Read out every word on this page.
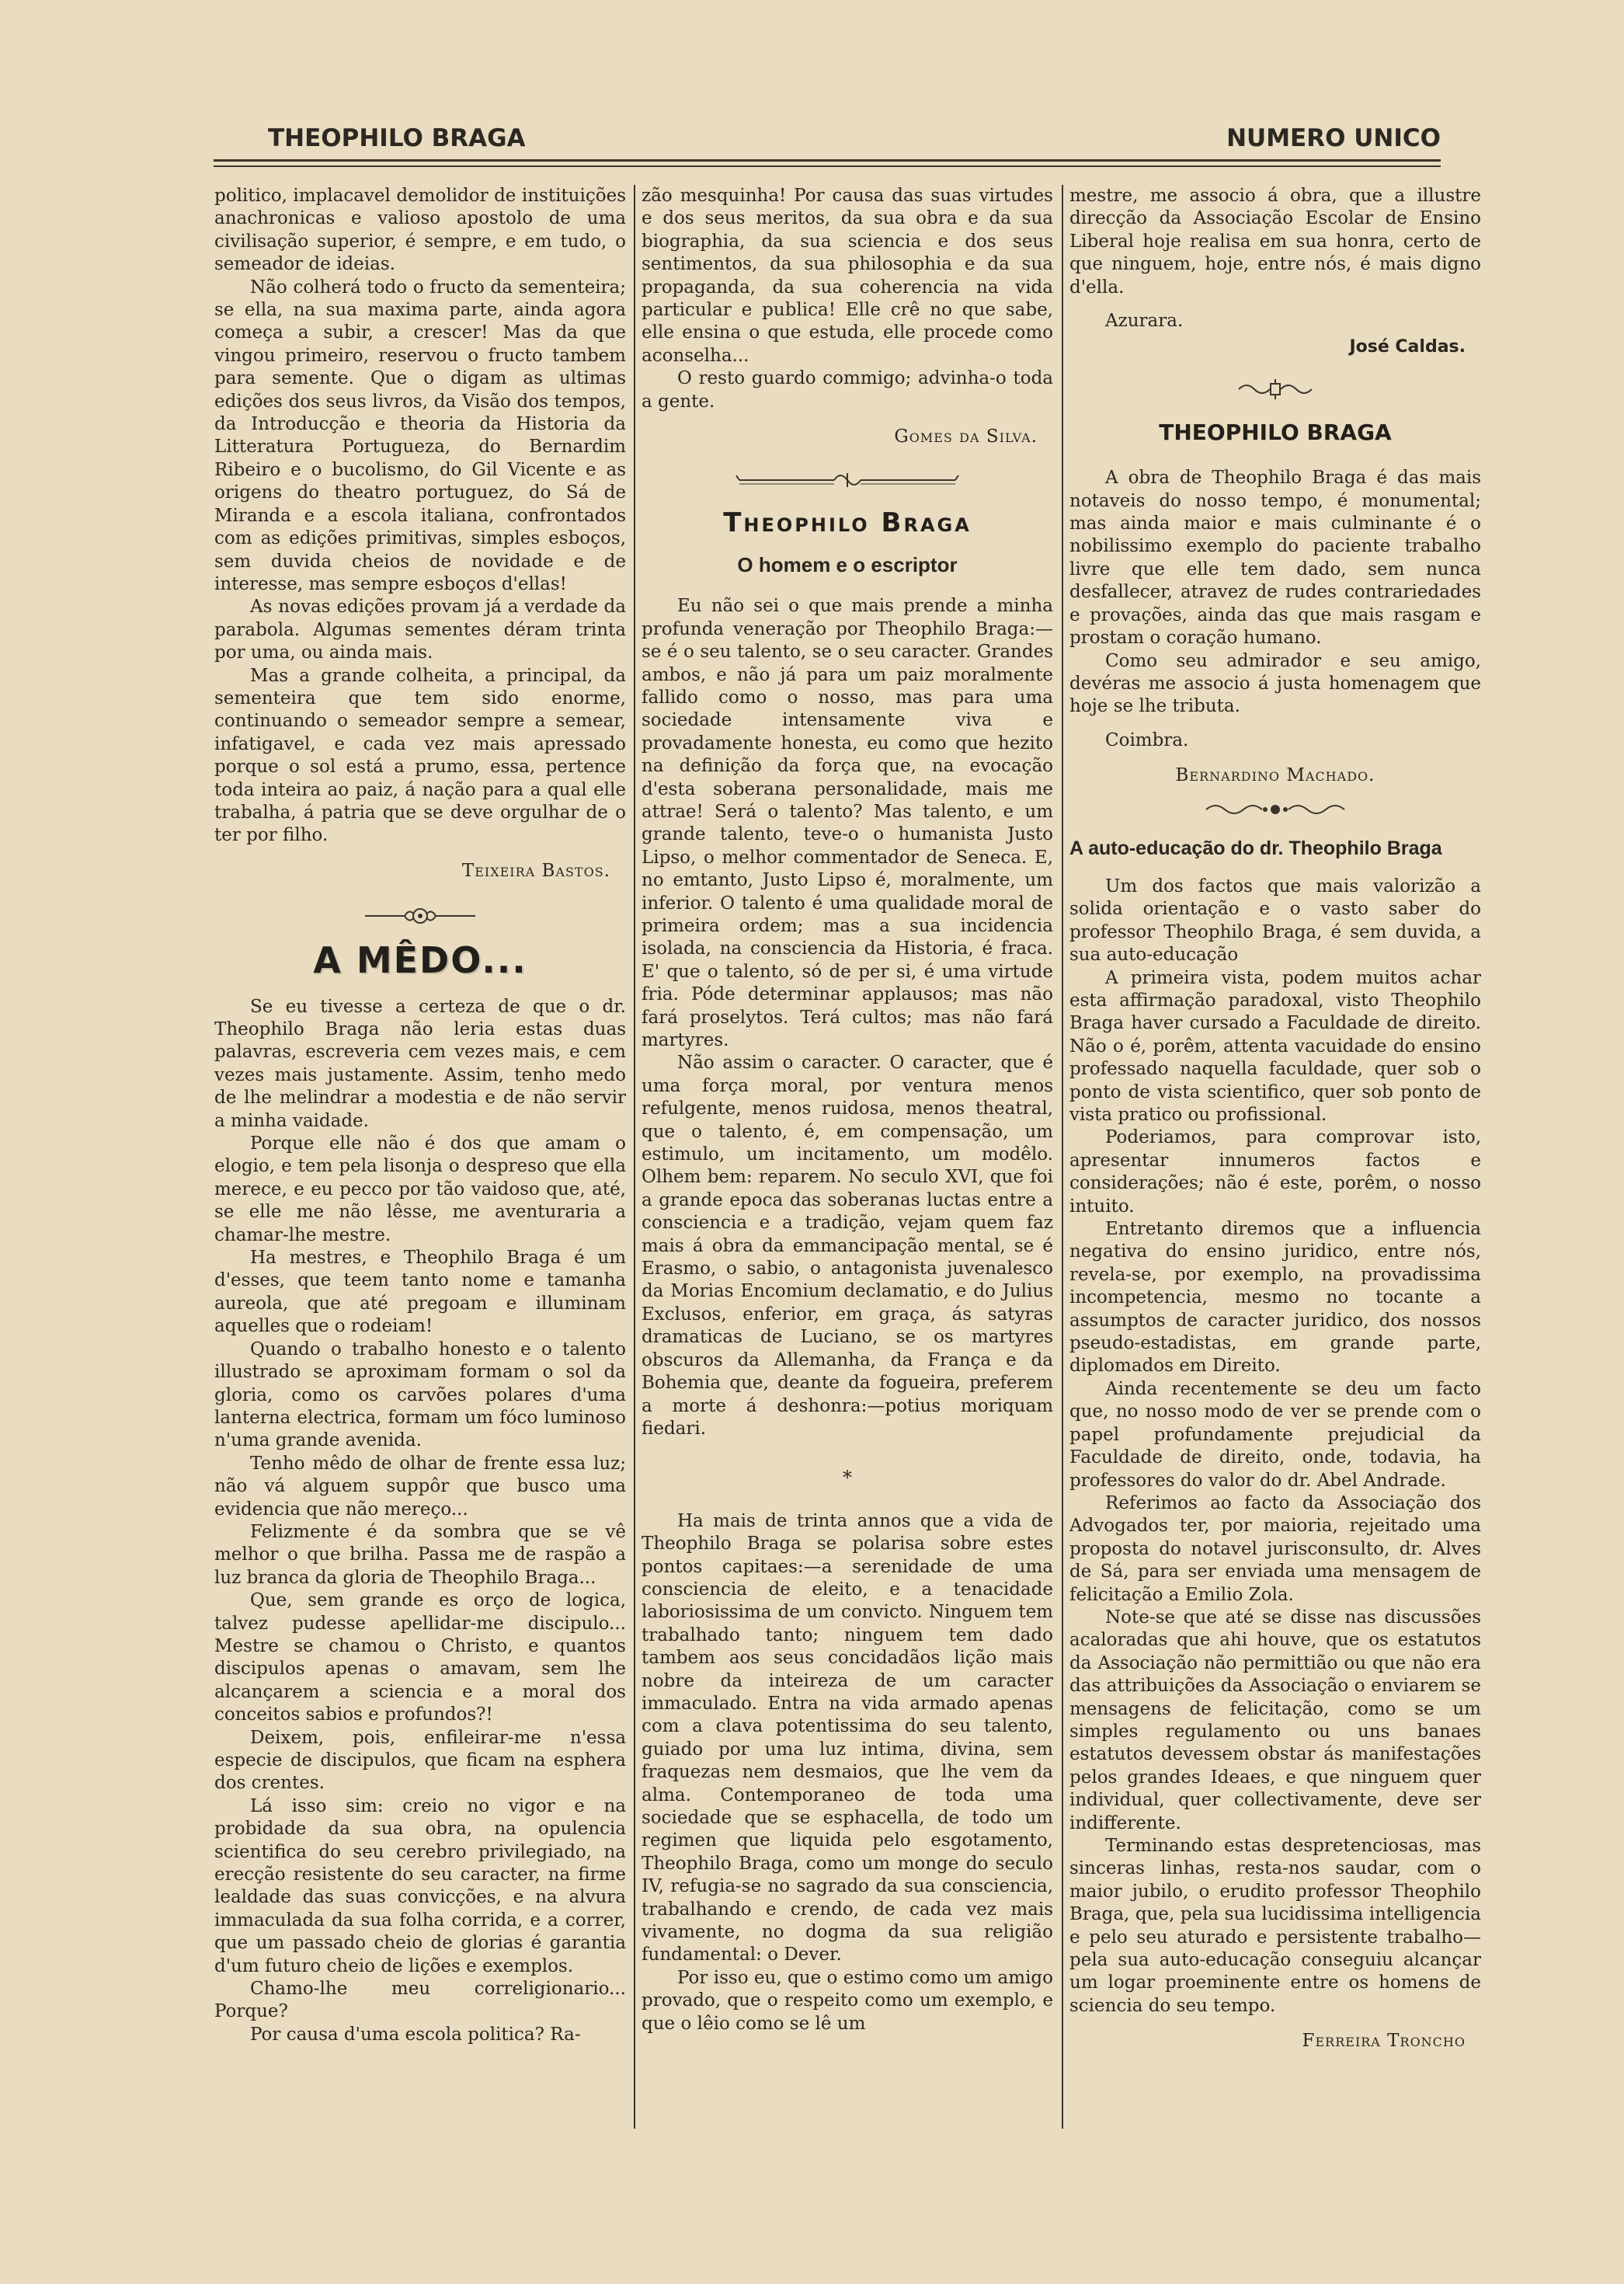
THEOPHILO BRAGA	NUMERO UNICO

politico, implacavel demolidor de instituições anachronicas e valioso apostolo de uma civilisação superior, é sempre, e em tudo, o semeador de ideias.

Não colherá todo o fructo da sementeira; se ella, na sua maxima parte, ainda agora começa a subir, a crescer! Mas da que vingou primeiro, reservou o fructo tambem para semente. Que o digam as ultimas edições dos seus livros, da Visão dos tempos, da Introducção e theoria da Historia da Litteratura Portugueza, do Bernardim Ribeiro e o bucolismo, do Gil Vicente e as origens do theatro portuguez, do Sá de Miranda e a escola italiana, confrontados com as edições primitivas, simples esboços, sem duvida cheios de novidade e de interesse, mas sempre esboços d'ellas!

As novas edições provam já a verdade da parabola. Algumas sementes déram trinta por uma, ou ainda mais.

Mas a grande colheita, a principal, da sementeira que tem sido enorme, continuando o semeador sempre a semear, infatigavel, e cada vez mais apressado porque o sol está a prumo, essa, pertence toda inteira ao paiz, á nação para a qual elle trabalha, á patria que se deve orgulhar de o ter por filho.

Teixeira Bastos.
A MÊDO...

Se eu tivesse a certeza de que o dr. Theophilo Braga não leria estas duas palavras, escreveria cem vezes mais, e cem vezes mais justamente. Assim, tenho medo de lhe melindrar a modestia e de não servir a minha vaidade.

Porque elle não é dos que amam o elogio, e tem pela lisonja o despreso que ella merece, e eu pecco por tão vaidoso que, até, se elle me não lêsse, me aventuraria a chamar-lhe mestre.

Ha mestres, e Theophilo Braga é um d'esses, que teem tanto nome e tamanha aureola, que até pregoam e illuminam aquelles que o rodeiam!

Quando o trabalho honesto e o talento illustrado se aproximam formam o sol da gloria, como os carvões polares d'uma lanterna electrica, formam um fóco luminoso n'uma grande avenida.

Tenho mêdo de olhar de frente essa luz; não vá alguem suppôr que busco uma evidencia que não mereço...

Felizmente é da sombra que se vê melhor o que brilha. Passa me de raspão a luz branca da gloria de Theophilo Braga...

Que, sem grande es orço de logica, talvez pudesse apellidar-me discipulo... Mestre se chamou o Christo, e quantos discipulos apenas o amavam, sem lhe alcançarem a sciencia e a moral dos conceitos sabios e profundos?!

Deixem, pois, enfileirar-me n'essa especie de discipulos, que ficam na esphera dos crentes.

Lá isso sim: creio no vigor e na probidade da sua obra, na opulencia scientifica do seu cerebro privilegiado, na erecção resistente do seu caracter, na firme lealdade das suas convicções, e na alvura immaculada da sua folha corrida, e a correr, que um passado cheio de glorias é garantia d'um futuro cheio de lições e exemplos.

Chamo-lhe meu correligionario... Porque?

Por causa d'uma escola politica? Ra-

zão mesquinha! Por causa das suas virtudes e dos seus meritos, da sua obra e da sua biographia, da sua sciencia e dos seus sentimentos, da sua philosophia e da sua propaganda, da sua coherencia na vida particular e publica! Elle crê no que sabe, elle ensina o que estuda, elle procede como aconselha...

O resto guardo commigo; advinha-o toda a gente.

Gomes da Silva.
Theophilo Braga
O homem e o escriptor

Eu não sei o que mais prende a minha profunda veneração por Theophilo Braga:—se é o seu talento, se o seu caracter. Grandes ambos, e não já para um paiz moralmente fallido como o nosso, mas para uma sociedade intensamente viva e provadamente honesta, eu como que hezito na definição da força que, na evocação d'esta soberana personalidade, mais me attrae! Será o talento? Mas talento, e um grande talento, teve-o o humanista Justo Lipso, o melhor commentador de Seneca. E, no emtanto, Justo Lipso é, moralmente, um inferior. O talento é uma qualidade moral de primeira ordem; mas a sua incidencia isolada, na consciencia da Historia, é fraca. E' que o talento, só de per si, é uma virtude fria. Póde determinar applausos; mas não fará proselytos. Terá cultos; mas não fará martyres.

Não assim o caracter. O caracter, que é uma força moral, por ventura menos refulgente, menos ruidosa, menos theatral, que o talento, é, em compensação, um estimulo, um incitamento, um modêlo. Olhem bem: reparem. No seculo XVI, que foi a grande epoca das soberanas luctas entre a consciencia e a tradição, vejam quem faz mais á obra da emmancipação mental, se é Erasmo, o sabio, o antagonista juvenalesco da Morias Encomium declamatio, e do Julius Exclusos, enferior, em graça, ás satyras dramaticas de Luciano, se os martyres obscuros da Allemanha, da França e da Bohemia que, deante da fogueira, preferem a morte á deshonra:—potius moriquam fiedari.

*

Ha mais de trinta annos que a vida de Theophilo Braga se polarisa sobre estes pontos capitaes:—a serenidade de uma consciencia de eleito, e a tenacidade laboriosissima de um convicto. Ninguem tem trabalhado tanto; ninguem tem dado tambem aos seus concidadãos lição mais nobre da inteireza de um caracter immaculado. Entra na vida armado apenas com a clava potentissima do seu talento, guiado por uma luz intima, divina, sem fraquezas nem desmaios, que lhe vem da alma. Contemporaneo de toda uma sociedade que se esphacella, de todo um regimen que liquida pelo esgotamento, Theophilo Braga, como um monge do seculo IV, refugia-se no sagrado da sua consciencia, trabalhando e crendo, de cada vez mais vivamente, no dogma da sua religião fundamental: o Dever.

Por isso eu, que o estimo como um amigo provado, que o respeito como um exemplo, e que o lêio como se lê um

mestre, me associo á obra, que a illustre direcção da Associação Escolar de Ensino Liberal hoje realisa em sua honra, certo de que ninguem, hoje, entre nós, é mais digno d'ella.

Azurara.
José Caldas.
THEOPHILO BRAGA

A obra de Theophilo Braga é das mais notaveis do nosso tempo, é monumental; mas ainda maior e mais culminante é o nobilissimo exemplo do paciente trabalho livre que elle tem dado, sem nunca desfallecer, atravez de rudes contrariedades e provações, ainda das que mais rasgam e prostam o coração humano.

Como seu admirador e seu amigo, devéras me associo á justa homenagem que hoje se lhe tributa.

Coimbra.
Bernardino Machado.
A auto-educação do dr. Theophilo Braga

Um dos factos que mais valorizão a solida orientação e o vasto saber do professor Theophilo Braga, é sem duvida, a sua auto-educação

A primeira vista, podem muitos achar esta affirmação paradoxal, visto Theophilo Braga haver cursado a Faculdade de direito. Não o é, porêm, attenta vacuidade do ensino professado naquella faculdade, quer sob o ponto de vista scientifico, quer sob ponto de vista pratico ou profissional.

Poderiamos, para comprovar isto, apresentar innumeros factos e considerações; não é este, porêm, o nosso intuito.

Entretanto diremos que a influencia negativa do ensino juridico, entre nós, revela-se, por exemplo, na provadissima incompetencia, mesmo no tocante a assumptos de caracter juridico, dos nossos pseudo-estadistas, em grande parte, diplomados em Direito.

Ainda recentemente se deu um facto que, no nosso modo de ver se prende com o papel profundamente prejudicial da Faculdade de direito, onde, todavia, ha professores do valor do dr. Abel Andrade.

Referimos ao facto da Associação dos Advogados ter, por maioria, rejeitado uma proposta do notavel jurisconsulto, dr. Alves de Sá, para ser enviada uma mensagem de felicitação a Emilio Zola.

Note-se que até se disse nas discussões acaloradas que ahi houve, que os estatutos da Associação não permittião ou que não era das attribuições da Associação o enviarem se mensagens de felicitação, como se um simples regulamento ou uns banaes estatutos devessem obstar ás manifestações pelos grandes Ideaes, e que ninguem quer individual, quer collectivamente, deve ser indifferente.

Terminando estas despretenciosas, mas sinceras linhas, resta-nos saudar, com o maior jubilo, o erudito professor Theophilo Braga, que, pela sua lucidissima intelligencia e pelo seu aturado e persistente trabalho—pela sua auto-educação conseguiu alcançar um logar proeminente entre os homens de sciencia do seu tempo.

Ferreira Troncho
